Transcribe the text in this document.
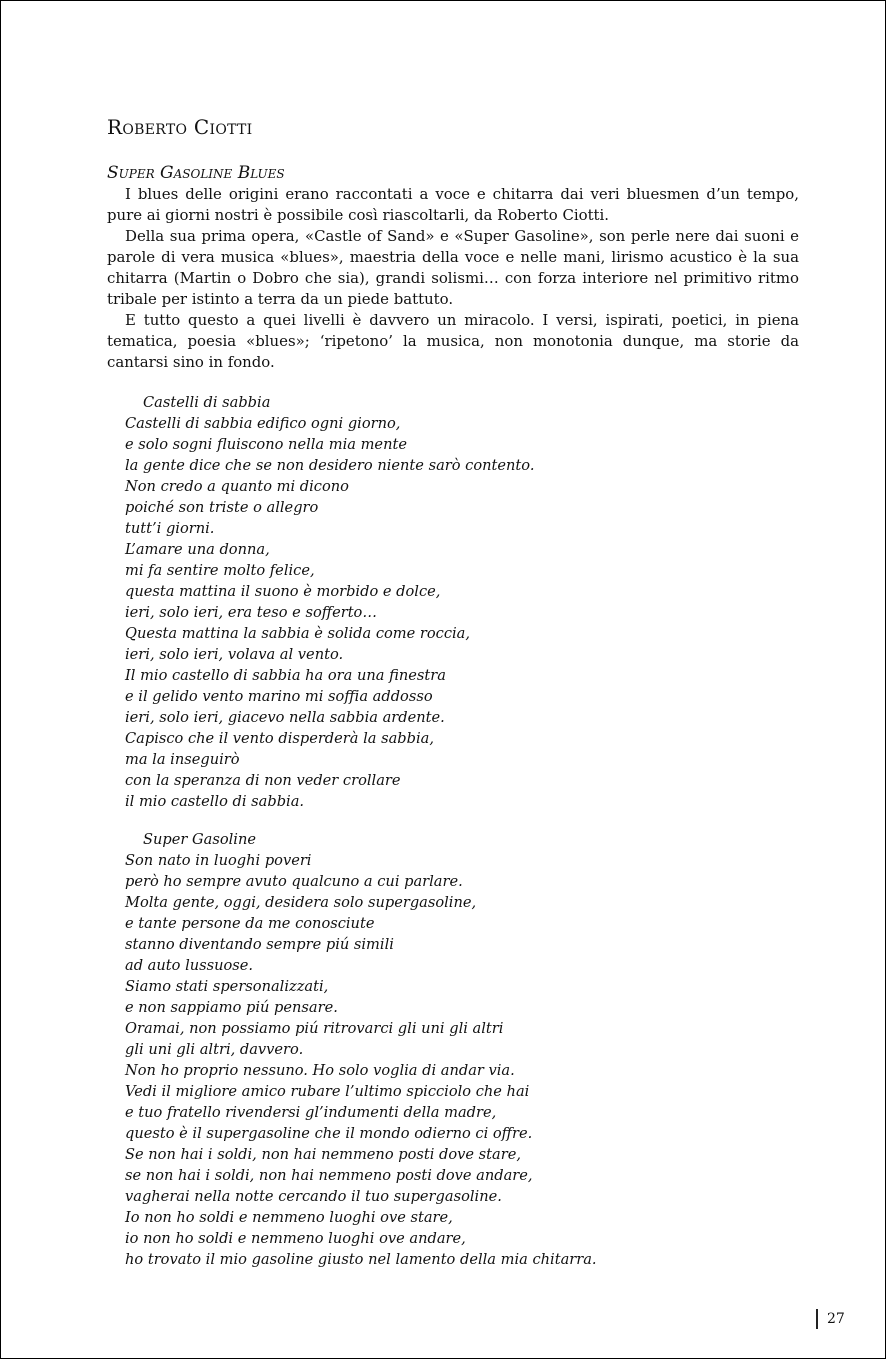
Roberto Ciotti
Super Gasoline Blues

I blues delle origini erano raccontati a voce e chitarra dai veri bluesmen d’un tempo, pure ai giorni nostri è possibile così riascoltarli, da Roberto Ciotti.

Della sua prima opera, «Castle of Sand» e «Super Gasoline», son perle nere dai suoni e parole di vera musica «blues», maestria della voce e nelle mani, lirismo acustico è la sua chitarra (Martin o Dobro che sia), grandi solismi… con forza interiore nel primitivo ritmo tribale per istinto a terra da un piede battuto.

E tutto questo a quei livelli è davvero un miracolo. I versi, ispirati, poetici, in piena tematica, poesia «blues»; ‘ripetono’ la musica, non monotonia dunque, ma storie da cantarsi sino in fondo.

Castelli di sabbia
Castelli di sabbia edifico ogni giorno,
e solo sogni fluiscono nella mia mente
la gente dice che se non desidero niente sarò contento.
Non credo a quanto mi dicono
poiché son triste o allegro
tutt’i giorni.
L’amare una donna,
mi fa sentire molto felice,
questa mattina il suono è morbido e dolce,
ieri, solo ieri, era teso e sofferto…
Questa mattina la sabbia è solida come roccia,
ieri, solo ieri, volava al vento.
Il mio castello di sabbia ha ora una finestra
e il gelido vento marino mi soffia addosso
ieri, solo ieri, giacevo nella sabbia ardente.
Capisco che il vento disperderà la sabbia,
ma la inseguirò
con la speranza di non veder crollare
il mio castello di sabbia.
Super Gasoline
Son nato in luoghi poveri
però ho sempre avuto qualcuno a cui parlare.
Molta gente, oggi, desidera solo supergasoline,
e tante persone da me conosciute
stanno diventando sempre piú simili
ad auto lussuose.
Siamo stati spersonalizzati,
e non sappiamo piú pensare.
Oramai, non possiamo piú ritrovarci gli uni gli altri
gli uni gli altri, davvero.
Non ho proprio nessuno. Ho solo voglia di andar via.
Vedi il migliore amico rubare l’ultimo spicciolo che hai
e tuo fratello rivendersi gl’indumenti della madre,
questo è il supergasoline che il mondo odierno ci offre.
Se non hai i soldi, non hai nemmeno posti dove stare,
se non hai i soldi, non hai nemmeno posti dove andare,
vagherai nella notte cercando il tuo supergasoline.
Io non ho soldi e nemmeno luoghi ove stare,
io non ho soldi e nemmeno luoghi ove andare,
ho trovato il mio gasoline giusto nel lamento della mia chitarra.
27
